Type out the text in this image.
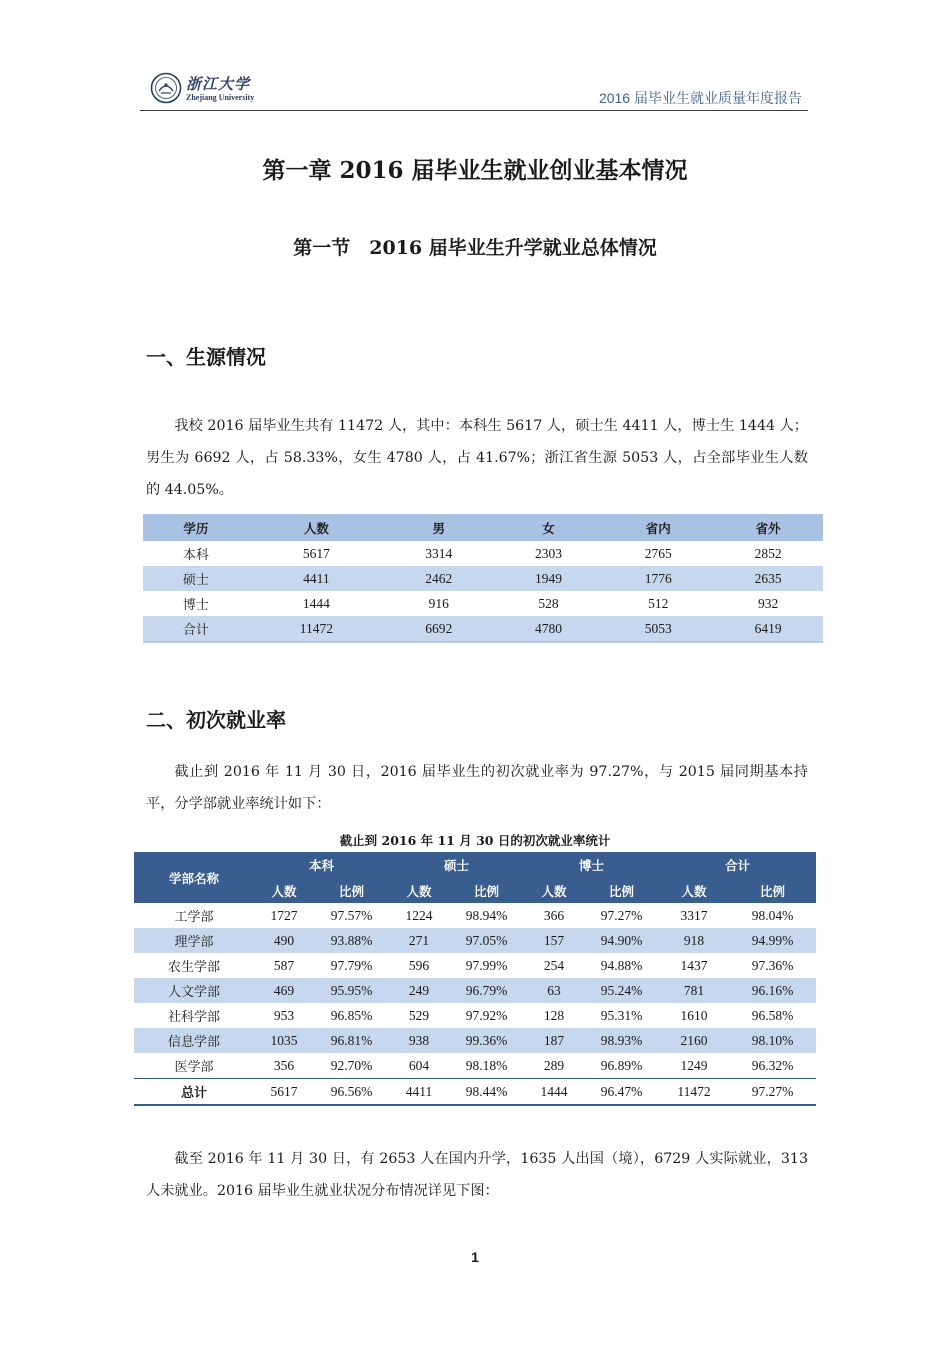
浙江大学
Zhejiang University	2016 届毕业生就业质量年度报告
第一章 2016 届毕业生就业创业基本情况
第一节　2016 届毕业生升学就业总体情况
一、生源情况
我校 2016 届毕业生共有 11472 人，其中：本科生 5617 人，硕士生 4411 人，博士生 1444 人；男生为 6692 人，占 58.33%，女生 4780 人，占 41.67%；浙江省生源 5053 人，占全部毕业生人数的 44.05%。
学历	人数	男	女	省内	省外
本科	5617	3314	2303	2765	2852
硕士	4411	2462	1949	1776	2635
博士	1444	916	528	512	932
合计	11472	6692	4780	5053	6419
二、初次就业率
截止到 2016 年 11 月 30 日，2016 届毕业生的初次就业率为 97.27%，与 2015 届同期基本持平，分学部就业率统计如下：
截止到 2016 年 11 月 30 日的初次就业率统计
学部名称	本科		硕士		博士		合计	
	人数	比例	人数	比例	人数	比例	人数	比例
工学部	1727	97.57%	1224	98.94%	366	97.27%	3317	98.04%
理学部	490	93.88%	271	97.05%	157	94.90%	918	94.99%
农生学部	587	97.79%	596	97.99%	254	94.88%	1437	97.36%
人文学部	469	95.95%	249	96.79%	63	95.24%	781	96.16%
社科学部	953	96.85%	529	97.92%	128	95.31%	1610	96.58%
信息学部	1035	96.81%	938	99.36%	187	98.93%	2160	98.10%
医学部	356	92.70%	604	98.18%	289	96.89%	1249	96.32%
总计	5617	96.56%	4411	98.44%	1444	96.47%	11472	97.27%
截至 2016 年 11 月 30 日，有 2653 人在国内升学，1635 人出国（境），6729 人实际就业，313 人未就业。2016 届毕业生就业状况分布情况详见下图：
1
